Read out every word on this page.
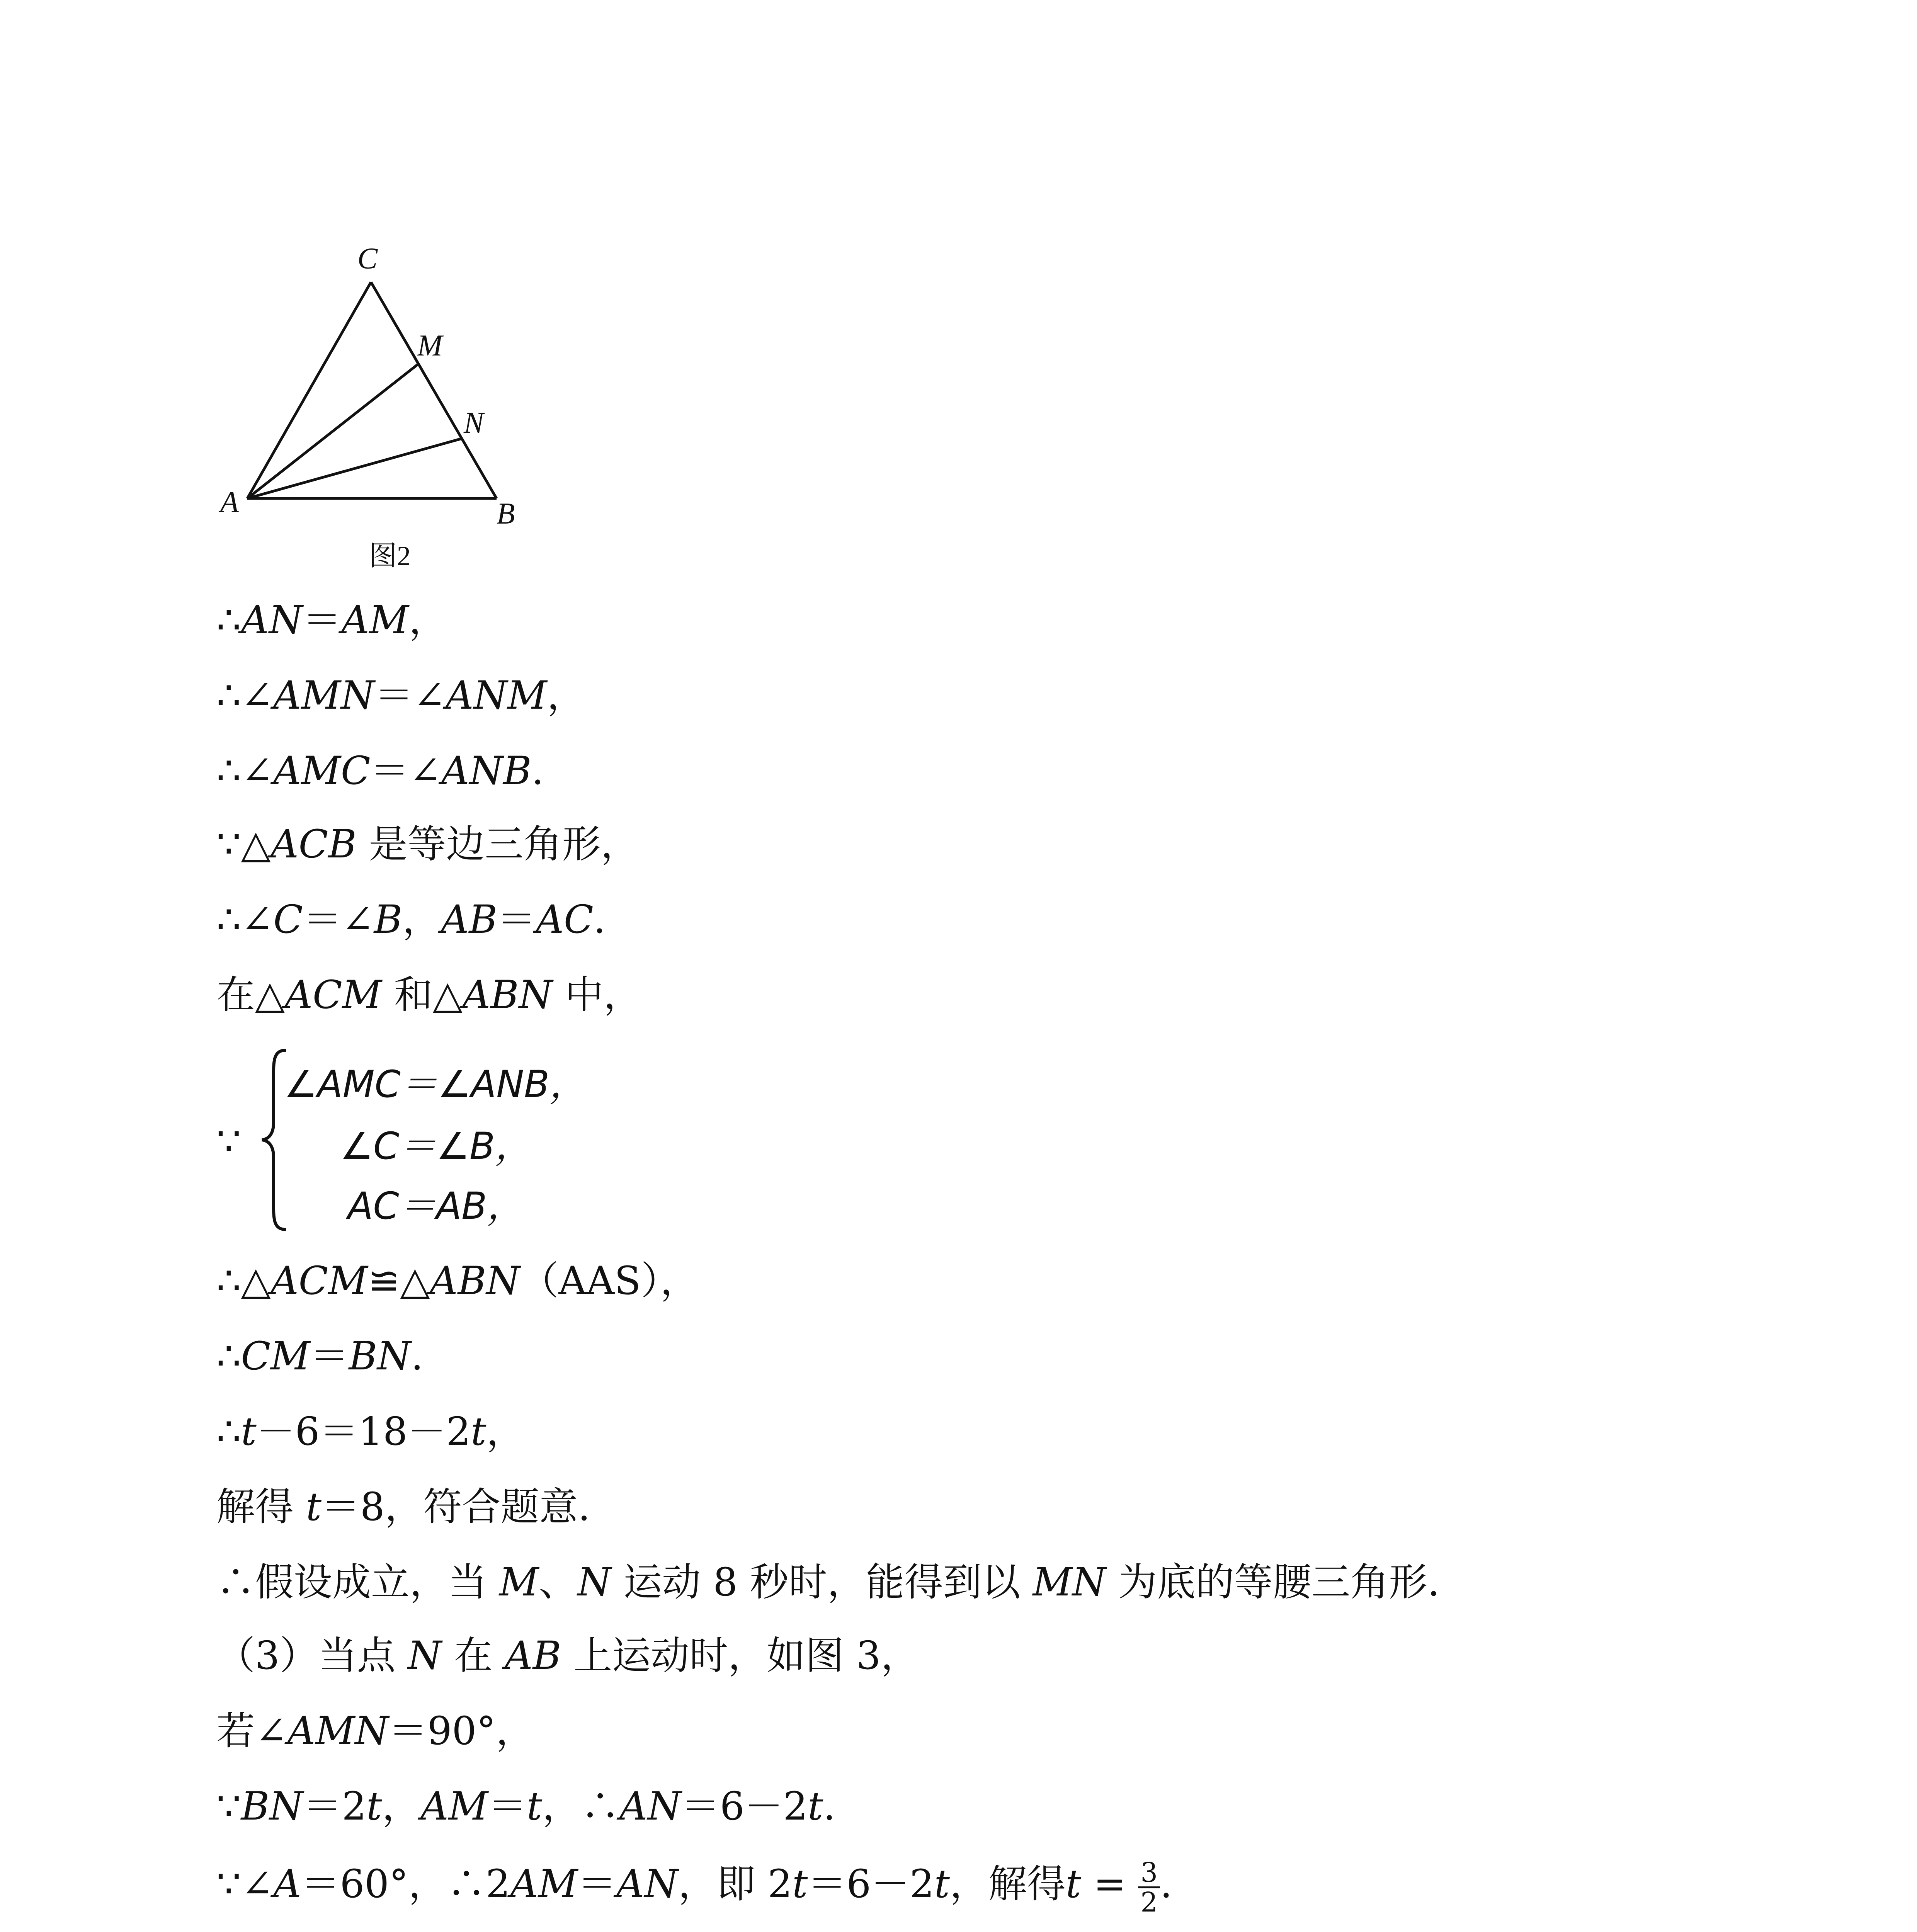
C
M
N
A	B
图2
∴AN＝AM，
∴∠AMN＝∠ANM，
∴∠AMC＝∠ANB.
∵△ACB 是等边三角形，
∴∠C＝∠B，AB＝AC.
在△ACM 和△ABN 中，
∵
∠AMC＝∠ANB，
∠C＝∠B，
AC＝AB，
∴△ACM≌△ABN（AAS），
∴CM＝BN.
∴t－6＝18－2t，
解得 t＝8，符合题意.
∴假设成立，当 M、N 运动 8 秒时，能得到以 MN 为底的等腰三角形.
（3）当点 N 在 AB 上运动时，如图 3，
若∠AMN＝90°，
∵BN＝2t，AM＝t，∴AN＝6－2t.
∵∠A＝60°，∴2AM＝AN，即 2t＝6－2t，解得$t = \frac{3}{2}$ .
